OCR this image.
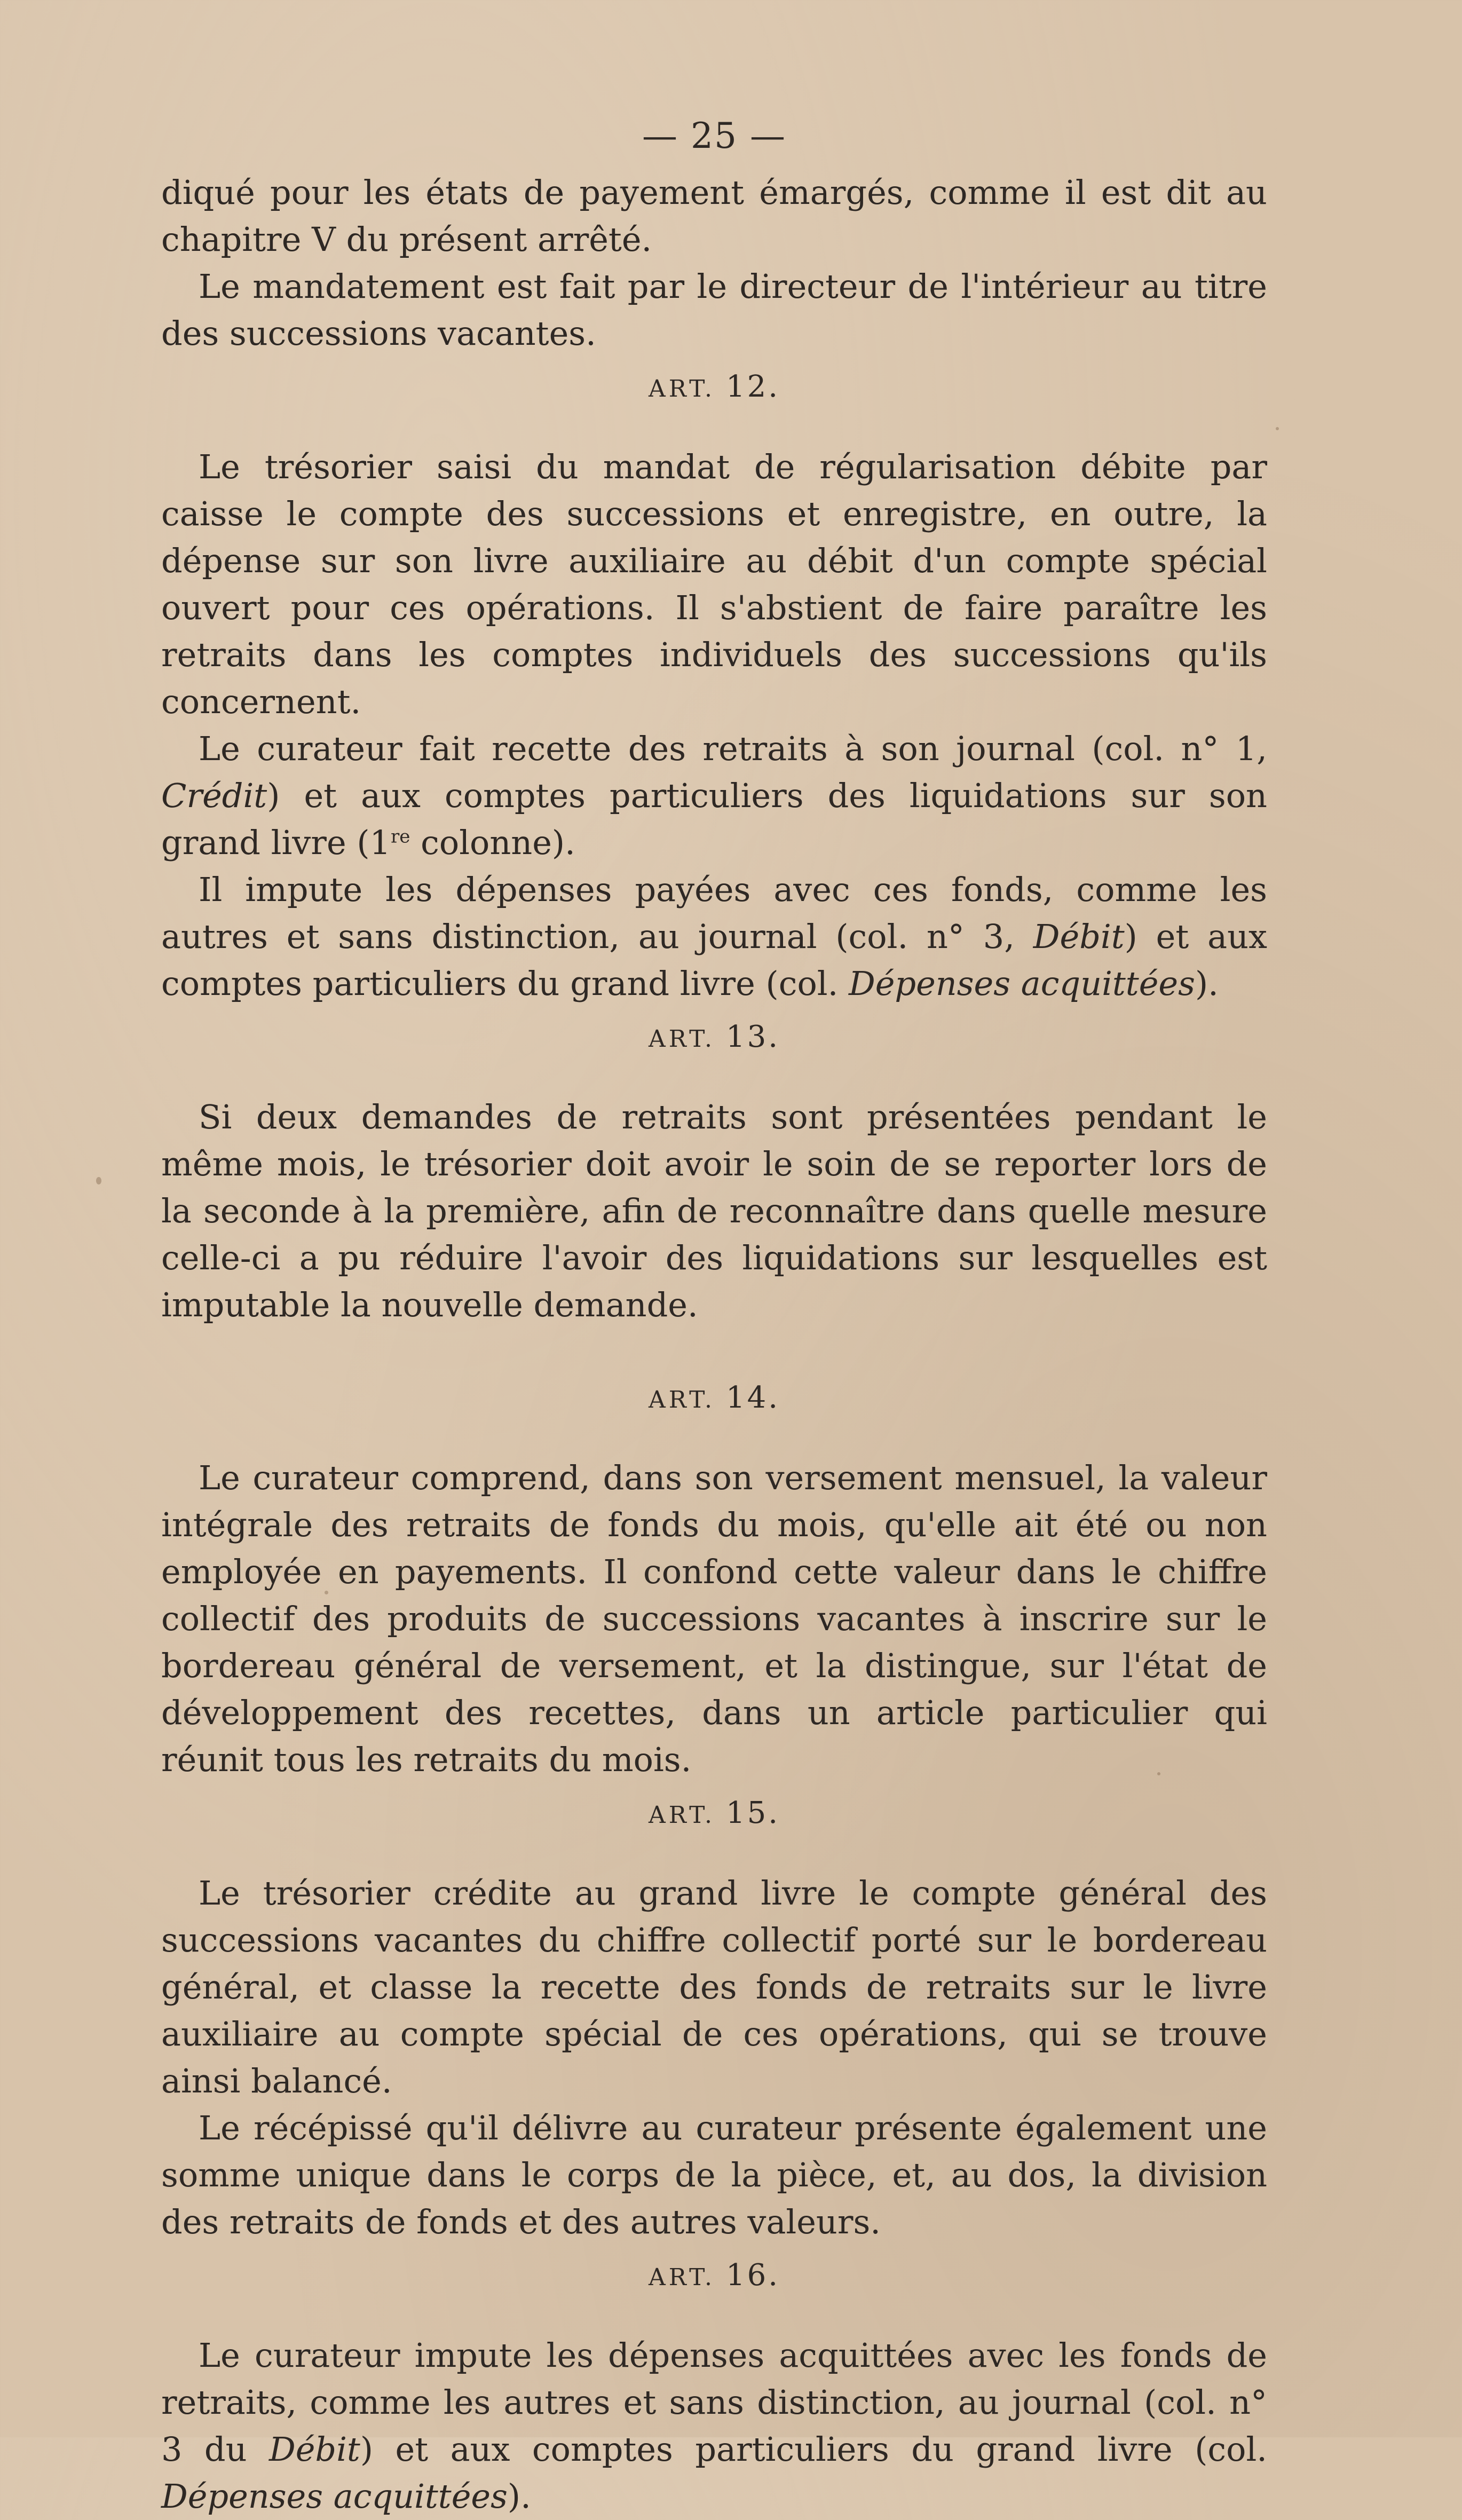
— 25 —

diqué pour les états de payement émargés, comme il est dit au chapitre V du présent arrêté.

Le mandatement est fait par le directeur de l'intérieur au titre des successions vacantes.

ART. 12.

Le trésorier saisi du mandat de régularisation débite par caisse le compte des successions et enregistre, en outre, la dépense sur son livre auxiliaire au débit d'un compte spécial ouvert pour ces opérations. Il s'abstient de faire paraître les retraits dans les comptes individuels des successions qu'ils concernent.

Le curateur fait recette des retraits à son journal (col. n° 1, Crédit) et aux comptes particuliers des liquidations sur son grand livre (1re colonne).

Il impute les dépenses payées avec ces fonds, comme les autres et sans distinction, au journal (col. n° 3, Débit) et aux comptes particuliers du grand livre (col. Dépenses acquittées).

ART. 13.

Si deux demandes de retraits sont présentées pendant le même mois, le trésorier doit avoir le soin de se reporter lors de la seconde à la première, afin de reconnaître dans quelle mesure celle-ci a pu réduire l'avoir des liquidations sur lesquelles est imputable la nouvelle demande.

ART. 14.

Le curateur comprend, dans son versement mensuel, la valeur intégrale des retraits de fonds du mois, qu'elle ait été ou non employée en payements. Il confond cette valeur dans le chiffre collectif des produits de successions vacantes à inscrire sur le bordereau général de versement, et la distingue, sur l'état de développement des recettes, dans un article particulier qui réunit tous les retraits du mois.

ART. 15.

Le trésorier crédite au grand livre le compte général des successions vacantes du chiffre collectif porté sur le bordereau général, et classe la recette des fonds de retraits sur le livre auxiliaire au compte spécial de ces opérations, qui se trouve ainsi balancé.

Le récépissé qu'il délivre au curateur présente également une somme unique dans le corps de la pièce, et, au dos, la division des retraits de fonds et des autres valeurs.

ART. 16.

Le curateur impute les dépenses acquittées avec les fonds de retraits, comme les autres et sans distinction, au journal (col. n° 3 du Débit) et aux comptes particuliers du grand livre (col. Dépenses acquittées).
